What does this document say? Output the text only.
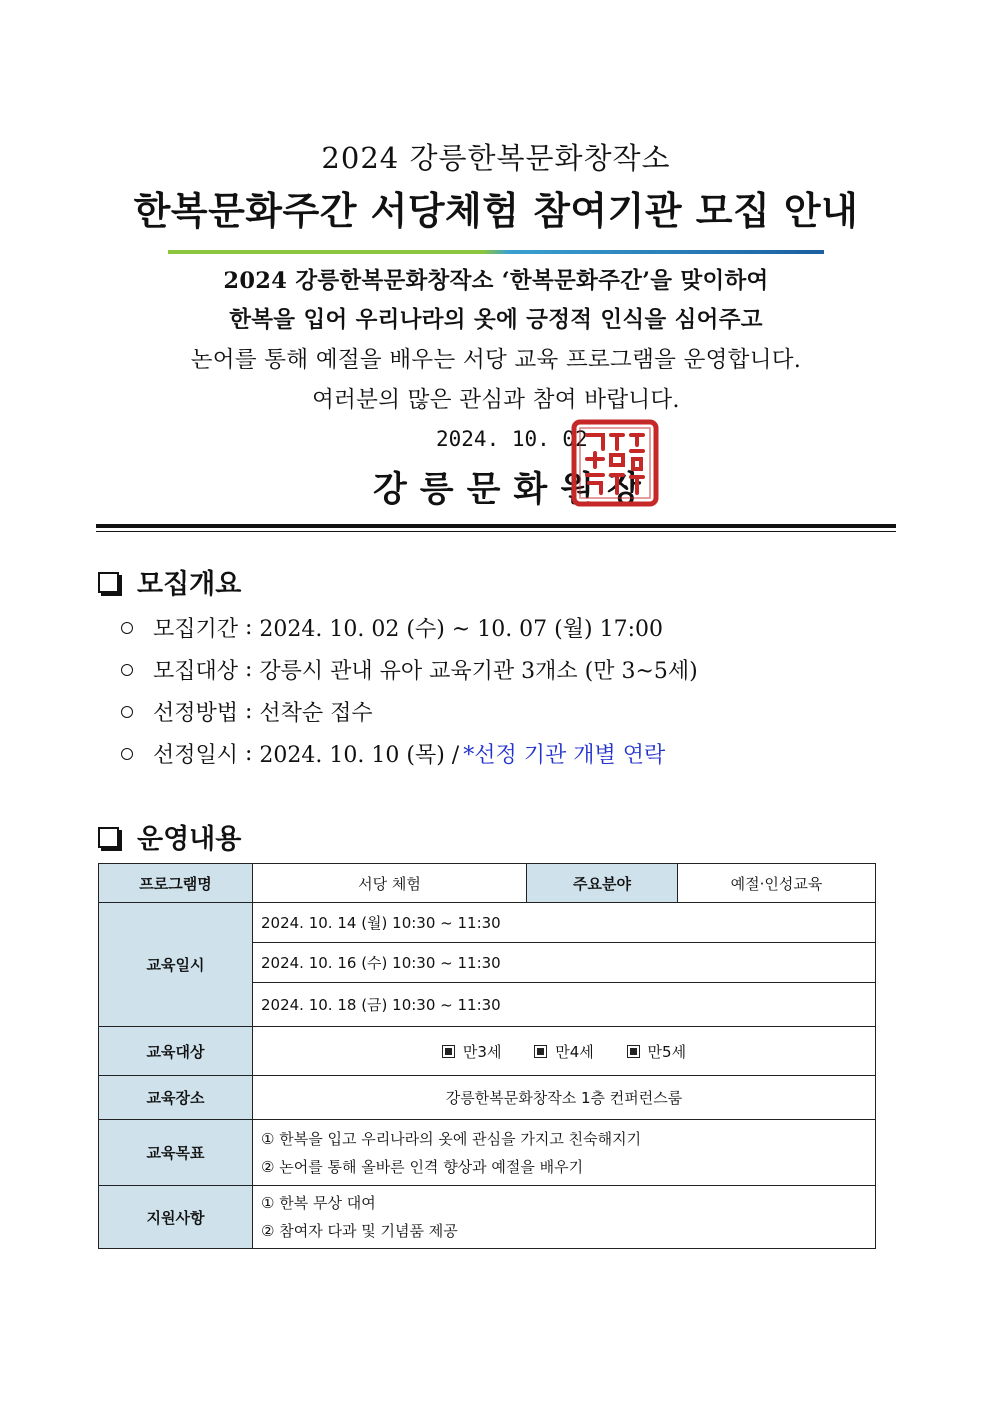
2024 강릉한복문화창작소
한복문화주간 서당체험 참여기관 모집 안내
2024 강릉한복문화창작소 ‘한복문화주간’을 맞이하여
한복을 입어 우리나라의 옷에 긍정적 인식을 심어주고
논어를 통해 예절을 배우는 서당 교육 프로그램을 운영합니다.
여러분의 많은 관심과 참여 바랍니다.
2024. 10. 02
강릉문화원장
모집개요
모집기간 : 2024. 10. 02 (수) ~ 10. 07 (월) 17:00
모집대상 : 강릉시 관내 유아 교육기관 3개소 (만 3~5세)
선정방법 : 선착순 접수
선정일시 : 2024. 10. 10 (목) / *선정 기관 개별 연락
운영내용
프로그램명	서당 체험	주요분야	예절·인성교육
교육일시	2024. 10. 14 (월) 10:30 ~ 11:30		
	2024. 10. 16 (수) 10:30 ~ 11:30		
	2024. 10. 18 (금) 10:30 ~ 11:30		
교육대상	만3세
만4세
만5세		

교육장소	강릉한복문화창작소 1층 컨퍼런스룸		
교육목표	① 한복을 입고 우리나라의 옷에 관심을 가지고 친숙해지기
② 논어를 통해 올바른 인격 향상과 예절을 배우기		

지원사항	① 한복 무상 대여
② 참여자 다과 및 기념품 제공		
